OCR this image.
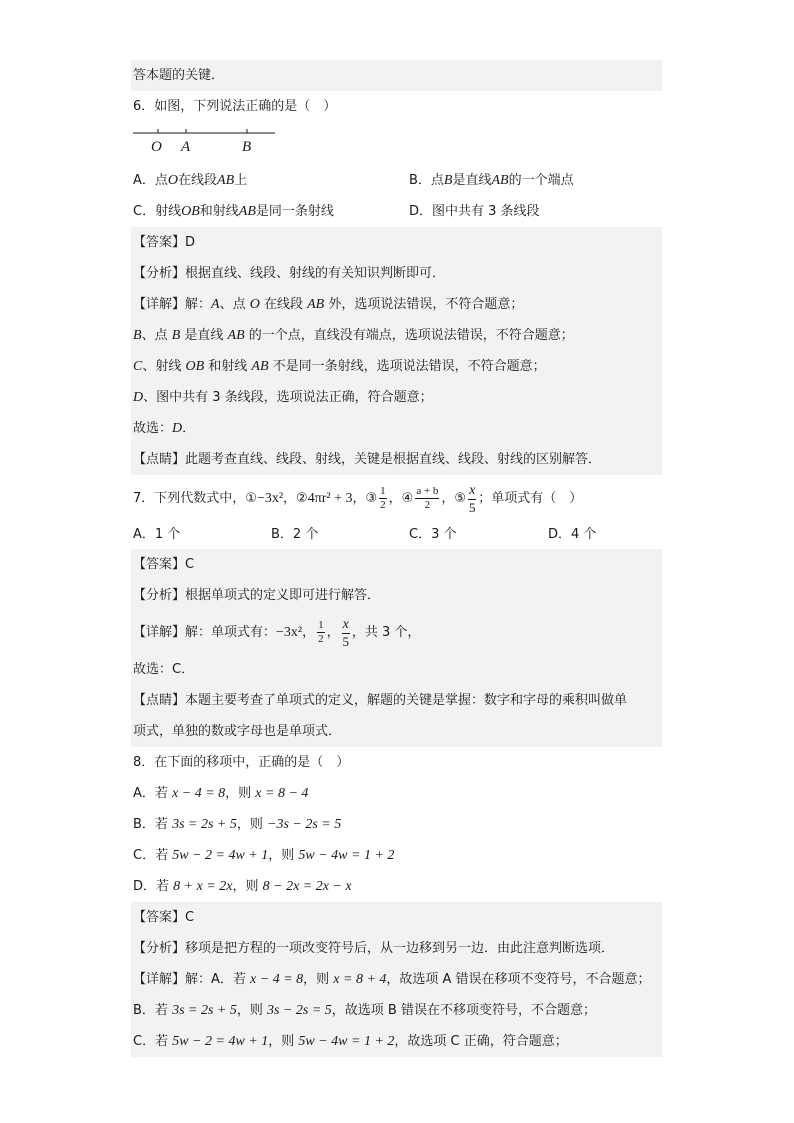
答本题的关键．
6．如图，下列说法正确的是（　）
O A	B
A．点O在线段AB上	B．点B是直线AB的一个端点
C．射线OB和射线AB是同一条射线	D．图中共有 3 条线段
【答案】D
【分析】根据直线、线段、射线的有关知识判断即可．
【详解】解：A、点 O 在线段 AB 外，选项说法错误，不符合题意；
B、点 B 是直线 AB 的一个点，直线没有端点，选项说法错误，不符合题意；
C、射线 OB 和射线 AB 不是同一条射线，选项说法错误，不符合题意；
D、图中共有 3 条线段，选项说法正确，符合题意；
故选：D．
【点睛】此题考查直线、线段、射线，关键是根据直线、线段、射线的区别解答．
7．下列代数式中，①−3x²，②4πr² + 3，③ $\frac{1}{2}$ ，④ $\frac{a + b}{2}$ ，⑤ $\frac{x}{5}$ ；单项式有（　）
A．1 个	B．2 个	C．3 个	D．4 个
【答案】C
【分析】根据单项式的定义即可进行解答．
【详解】解：单项式有：−3x²， $\frac{1}{2}$ ， $\frac{x}{5}$ ，共 3 个，
故选：C．
【点睛】本题主要考查了单项式的定义，解题的关键是掌握：数字和字母的乘积叫做单
项式，单独的数或字母也是单项式．
8．在下面的移项中，正确的是（　）
A．若 x − 4 = 8，则 x = 8 − 4
B．若 3s = 2s + 5，则 −3s − 2s = 5
C．若 5w − 2 = 4w + 1，则 5w − 4w = 1 + 2
D．若 8 + x = 2x，则 8 − 2x = 2x − x
【答案】C
【分析】移项是把方程的一项改变符号后，从一边移到另一边．由此注意判断选项．
【详解】解：A．若 x − 4 = 8，则 x = 8 + 4，故选项 A 错误在移项不变符号，不合题意；
B．若 3s = 2s + 5，则 3s − 2s = 5，故选项 B 错误在不移项变符号，不合题意；
C．若 5w − 2 = 4w + 1，则 5w − 4w = 1 + 2，故选项 C 正确，符合题意；
